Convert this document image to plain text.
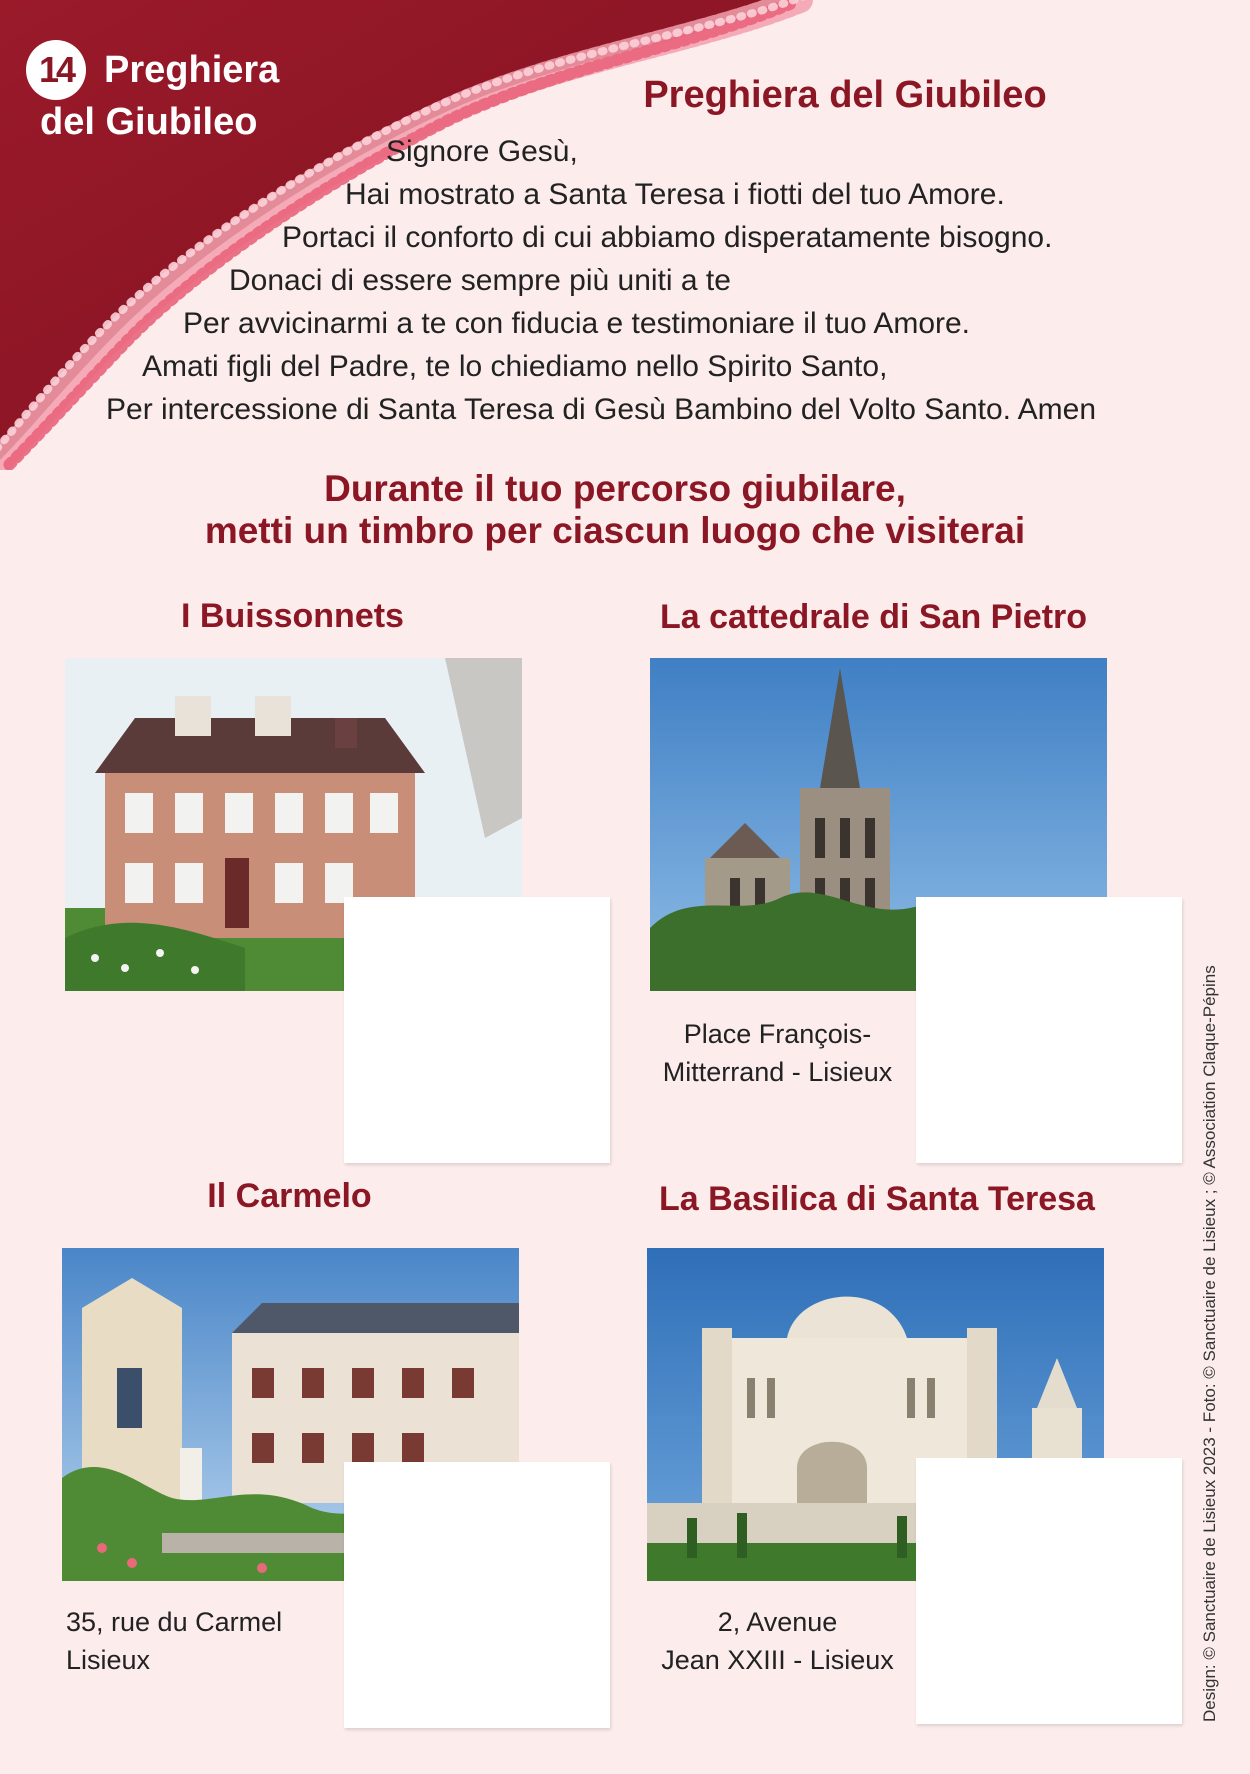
14 Preghiera
del Giubileo
Preghiera del Giubileo
Signore Gesù,
Hai mostrato a Santa Teresa i fiotti del tuo Amore.
Portaci il conforto di cui abbiamo disperatamente bisogno.
Donaci di essere sempre più uniti a te
Per avvicinarmi a te con fiducia e testimoniare il tuo Amore.
Amati figli del Padre, te lo chiediamo nello Spirito Santo,
Per intercessione di Santa Teresa di Gesù Bambino del Volto Santo. Amen
Durante il tuo percorso giubilare,
metti un timbro per ciascun luogo che visiterai
I Buissonnets	La cattedrale di San Pietro
Place François-
Mitterrand - Lisieux
Il Carmelo
35, rue du Carmel
Lisieux
La Basilica di Santa Teresa
2, Avenue
Jean XXIII - Lisieux	Design: © Sanctuaire de Lisieux 2023 - Foto: © Sanctuaire de Lisieux ; © Association Claque-Pépins
